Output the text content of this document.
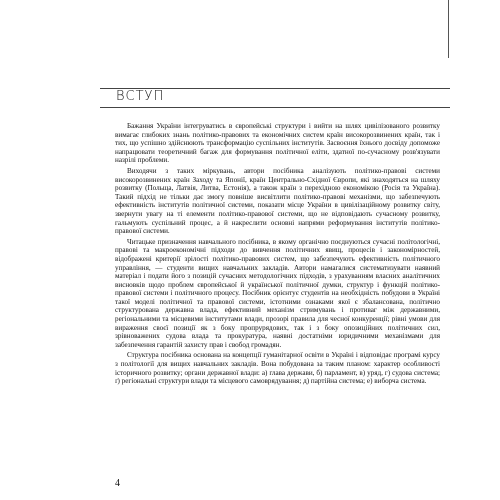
ВСТУП

Бажання України інтегруватись в європейські структури і вийти на шлях цивілізованого розвитку вимагає глибоких знань політико-правових та економічних систем країн високорозвинених країн, так і тих, що успішно здійснюють трансформацію суспільних інститутів. Засвоєння їхнього досвіду допоможе напрацювати теоретичний багаж для формування політичної еліти, здатної по-сучасному розв'язувати назрілі проблеми.

Виходячи з таких міркувань, автори посібника аналізують політико-правові системи високорозвинених країн Заходу та Японії, країн Центрально-Східної Європи, які знаходяться на шляху розвитку (Польща, Латвія, Литва, Естонія), а також країн з перехідною економікою (Росія та Україна). Такий підхід не тільки дає змогу повніше висвітлити політико-правові механізми, що забезпечують ефективність інститутів політичної системи, показати місце України в цивілізаційному розвитку світу, звернути увагу на ті елементи політико-правової системи, що не відповідають сучасному розвитку, гальмують суспільний процес, а й накреслити основні напрями реформування інститутів політико-правової системи.

Читацьке призначення навчального посібника, в якому органічно поєднуються сучасні політологічні, правові та макроекономічні підходи до вивчення політичних явищ, процесів і закономірностей, відображені критерії зрілості політико-правових систем, що забезпечують ефективність політичного управління, — студенти вищих навчальних закладів. Автори намагалися систематизувати наявний матеріал і подати його з позицій сучасних методологічних підходів, з урахуванням власних аналітичних висновків щодо проблем європейської й української політичної думки, структур і функцій політико-правової системи і політичного процесу. Посібник орієнтує студентів на необхідність побудови в Україні такої моделі політичної та правової системи, істотними ознаками якої є збалансована, політично структурована державна влада, ефективний механізм стримувань і противаг між державними, регіональними та місцевими інститутами влади, прозорі правила для чесної конкуренції; рівні умови для вираження своєї позиції як з боку пропрурядових, так і з боку опозиційних політичних сил, зрівноважених судова влада та прокуратура, наявні достатніми юридичними механізмами для забезпечення гарантій захисту прав і свобод громадян.

Структура посібника основана на концепції гуманітарної освіти в Україні і відповідає програмі курсу з політології для вищих навчальних закладів. Вона побудована за таким планом: характер особливості історичного розвитку; органи державної влади: а) глава держави, б) парламент, в) уряд, г) судова система; ґ) регіональні структури влади та місцевого самоврядування; д) партійна система; е) виборча система.

4
